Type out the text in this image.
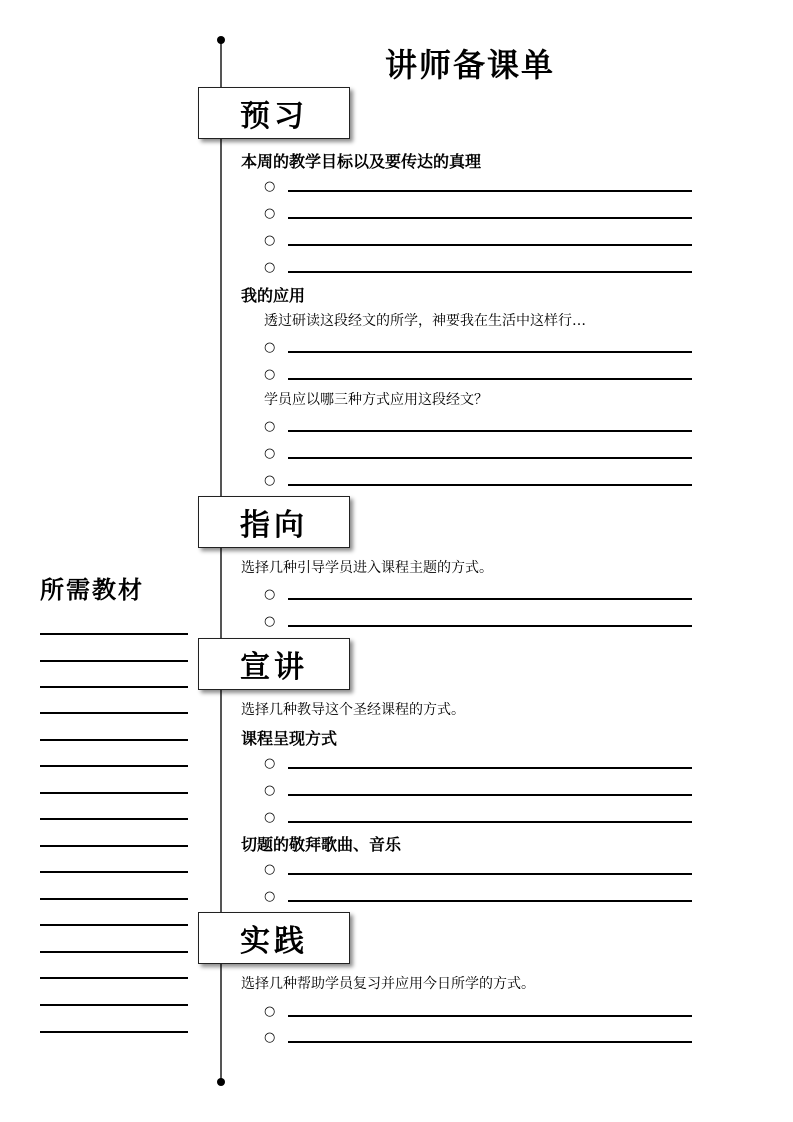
讲师备课单
预习
本周的教学目标以及要传达的真理
○
○
○
○
我的应用
透过研读这段经文的所学，神要我在生活中这样行…
○
○
学员应以哪三种方式应用这段经文？
○
○
○
指向
选择几种引导学员进入课程主题的方式。
○
○
宣讲
选择几种教导这个圣经课程的方式。
课程呈现方式
○
○
○
切题的敬拜歌曲、音乐
○
○
实践
选择几种帮助学员复习并应用今日所学的方式。
○
○
所需教材
